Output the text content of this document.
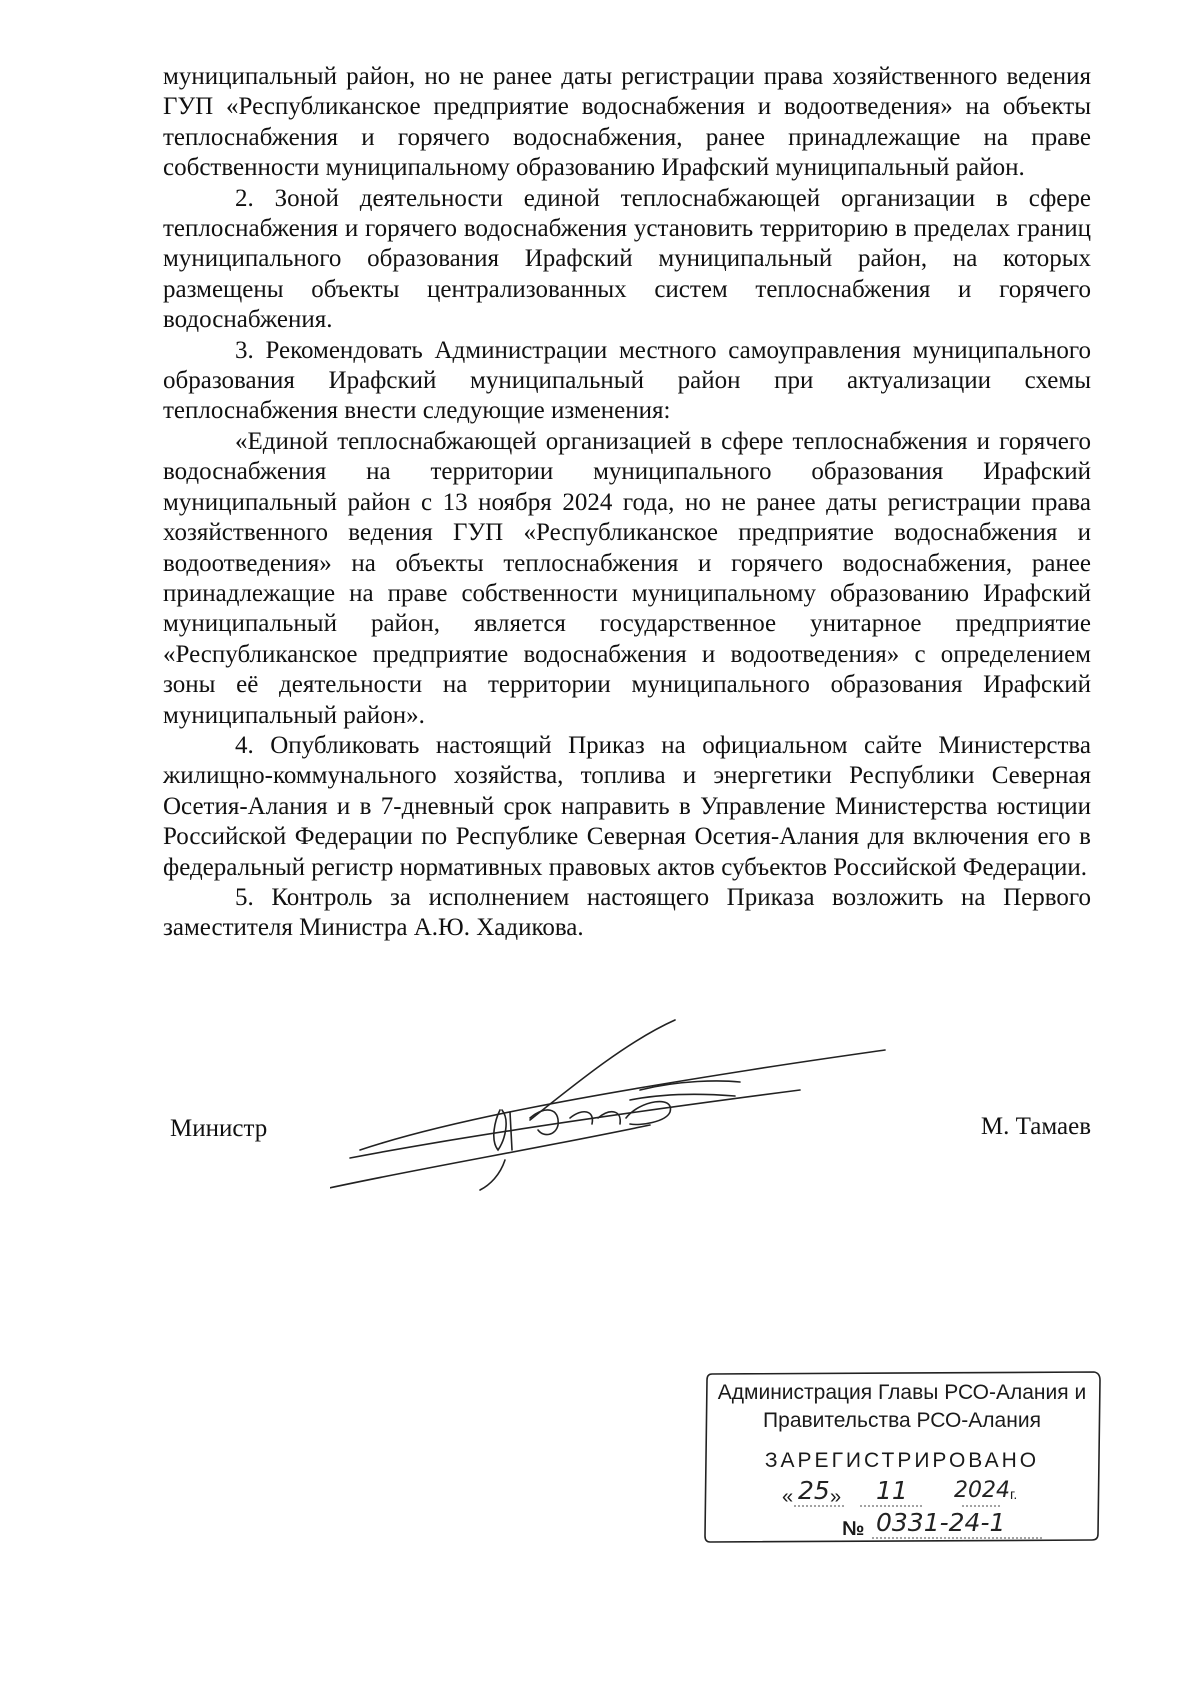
муниципальный район, но не ранее даты регистрации права хозяйственного ведения ГУП «Республиканское предприятие водоснабжения и водоотведения» на объекты теплоснабжения и горячего водоснабжения, ранее принадлежащие на праве собственности муниципальному образованию Ирафский муниципальный район.

2. Зоной деятельности единой теплоснабжающей организации в сфере теплоснабжения и горячего водоснабжения установить территорию в пределах границ муниципального образования Ирафский муниципальный район, на которых размещены объекты централизованных систем теплоснабжения и горячего водоснабжения.

3. Рекомендовать Администрации местного самоуправления муниципального образования Ирафский муниципальный район при актуализации схемы теплоснабжения внести следующие изменения:

«Единой теплоснабжающей организацией в сфере теплоснабжения и горячего водоснабжения на территории муниципального образования Ирафский муниципальный район с 13 ноября 2024 года, но не ранее даты регистрации права хозяйственного ведения ГУП «Республиканское предприятие водоснабжения и водоотведения» на объекты теплоснабжения и горячего водоснабжения, ранее принадлежащие на праве собственности муниципальному образованию Ирафский муниципальный район, является государственное унитарное предприятие «Республиканское предприятие водоснабжения и водоотведения» с определением зоны её деятельности на территории муниципального образования Ирафский муниципальный район».

4. Опубликовать настоящий Приказ на официальном сайте Министерства жилищно-коммунального хозяйства, топлива и энергетики Республики Северная Осетия-Алания и в 7-дневный срок направить в Управление Министерства юстиции Российской Федерации по Республике Северная Осетия-Алания для включения его в федеральный регистр нормативных правовых актов субъектов Российской Федерации.

5. Контроль за исполнением настоящего Приказа возложить на Первого заместителя Министра А.Ю. Хадикова.

Министр	М. Тамаев
Администрация Главы РСО-Алания и
Правительства РСО-Алания
ЗАРЕГИСТРИРОВАНО
« 25 » 11 2024 г.
№ 0331-24-1
